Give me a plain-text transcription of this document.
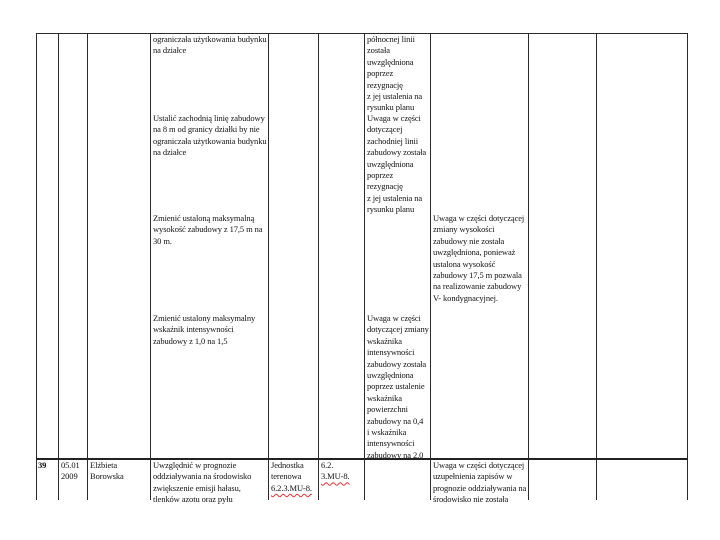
ograniczała użytkowania budynku
na działce
północnej linii
została
uwzględniona
poprzez rezygnację
z jej ustalenia na
rysunku planu
Ustalić zachodnią linię zabudowy
na 8 m od granicy działki by nie
ograniczała użytkowania budynku
na działce
Uwaga w części
dotyczącej
zachodniej linii
zabudowy została
uwzględniona
poprzez rezygnację
z jej ustalenia na
rysunku planu
Zmienić ustaloną maksymalną
wysokość zabudowy z 17,5 m na
30 m.
Uwaga w części dotyczącej
zmiany wysokości
zabudowy nie została
uwzględniona, ponieważ
ustalona wysokość
zabudowy 17,5 m pozwala
na realizowanie zabudowy
V- kondygnacyjnej.
Zmienić ustalony maksymalny
wskaźnik intensywności
zabudowy z 1,0 na 1,5
Uwaga w części
dotyczącej zmiany
wskaźnika
intensywności
zabudowy została
uwzględniona
poprzez ustalenie
wskaźnika
powierzchni
zabudowy na 0,4
i wskaźnika
intensywności
zabudowy na 2,0
39	05.01
2009
Elżbieta
Borowska
Uwzględnić w prognozie
oddziaływania na środowisko
zwiększenie emisji hałasu,
tlenków azotu oraz pyłu
Jednostka
terenowa
6.2.3.MU-8.
6.2.
3.MU-8.
Uwaga w części dotyczącej
uzupełnienia zapisów w
prognozie oddziaływania na
środowisko nie została
